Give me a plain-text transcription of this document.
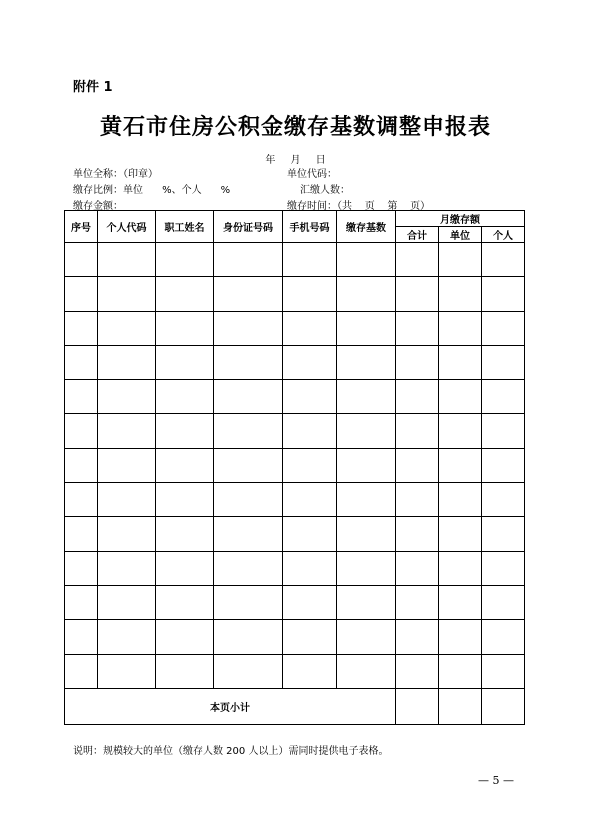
附件 1
黄石市住房公积金缴存基数调整申报表
年 月 日
单位全称：（印章）	单位代码：
缴存比例：单位      %、个人      %	汇缴人数：
缴存金额：	缴存时间：（共    页    第    页）
序号	个人代码	职工姓名	身份证号码	手机号码	缴存基数	月缴存额		
						合计	单位	个人

本页小计								
说明：规模较大的单位（缴存人数 200 人以上）需同时提供电子表格。
— 5 —
